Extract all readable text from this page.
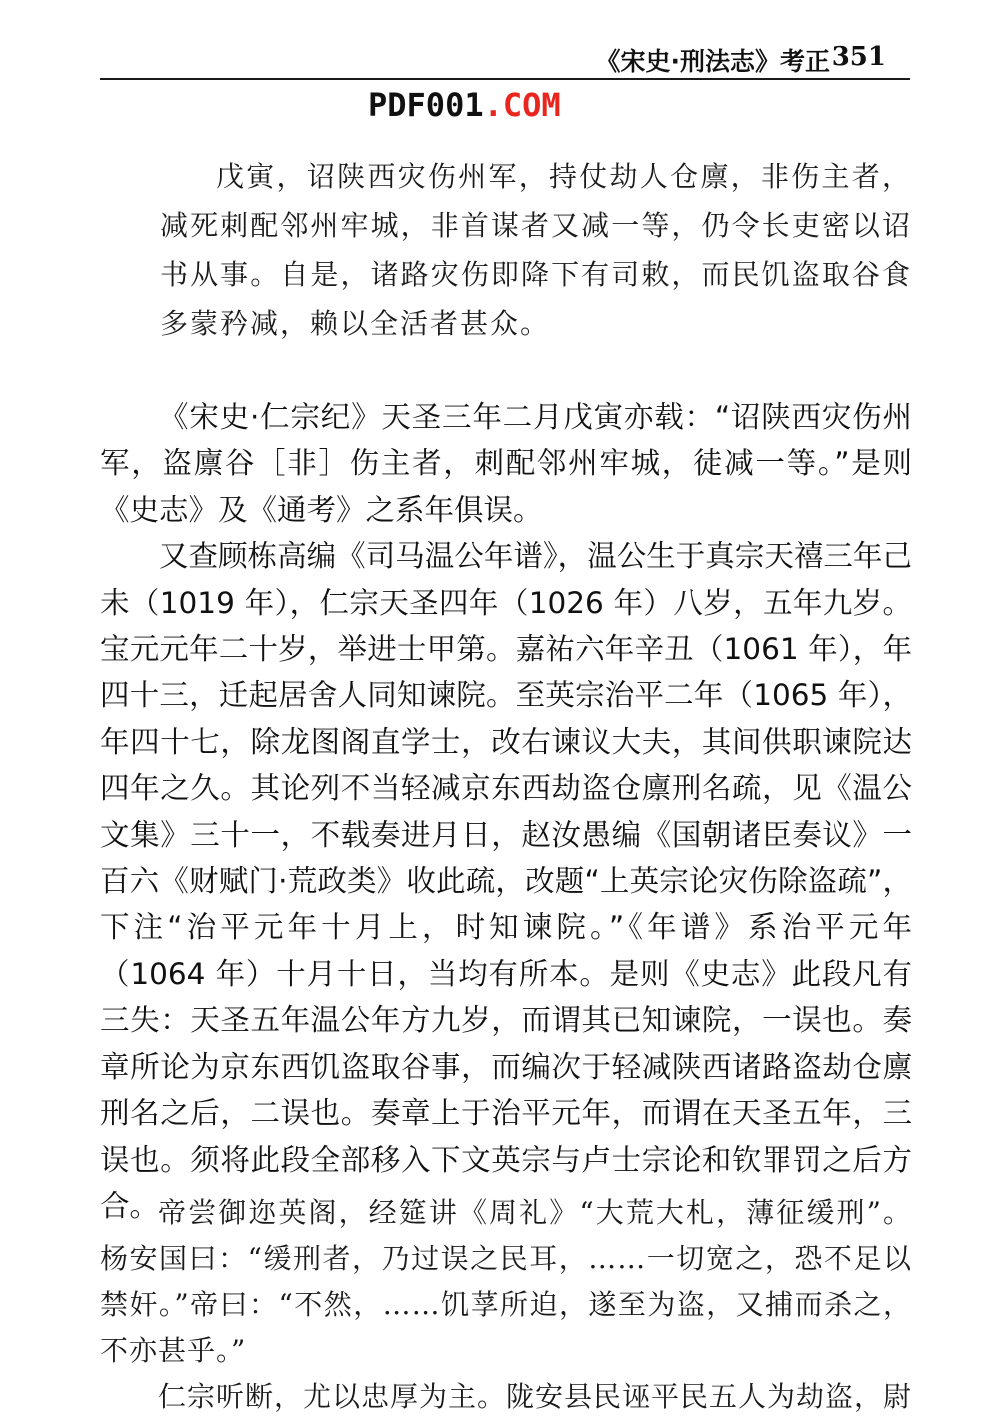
《宋史·刑法志》考正 351
PDF001.COM
戊寅，诏陕西灾伤州军，持仗劫人仓廪，非伤主者，减死刺配邻州牢城，非首谋者又减一等，仍令长吏密以诏书从事。自是，诸路灾伤即降下有司敕，而民饥盗取谷食多蒙矜减，赖以全活者甚众。

《宋史·仁宗纪》天圣三年二月戊寅亦载：“诏陕西灾伤州军，盗廪谷［非］伤主者，刺配邻州牢城，徒减一等。”是则《史志》及《通考》之系年俱误。

又查顾栋高编《司马温公年谱》，温公生于真宗天禧三年己未（1019 年），仁宗天圣四年（1026 年）八岁，五年九岁。宝元元年二十岁，举进士甲第。嘉祐六年辛丑（1061 年），年四十三，迁起居舍人同知谏院。至英宗治平二年（1065 年），年四十七，除龙图阁直学士，改右谏议大夫，其间供职谏院达四年之久。其论列不当轻减京东西劫盗仓廪刑名疏，见《温公文集》三十一，不载奏进月日，赵汝愚编《国朝诸臣奏议》一百六《财赋门·荒政类》收此疏，改题“上英宗论灾伤除盗疏”，下注“治平元年十月上，时知谏院。”《年谱》系治平元年（1064 年）十月十日，当均有所本。是则《史志》此段凡有三失：天圣五年温公年方九岁，而谓其已知谏院，一误也。奏章所论为京东西饥盗取谷事，而编次于轻减陕西诸路盗劫仓廪刑名之后，二误也。奏章上于治平元年，而谓在天圣五年，三误也。须将此段全部移入下文英宗与卢士宗论和钦罪罚之后方合。

帝尝御迩英阁，经筵讲《周礼》“大荒大札，薄征缓刑”。杨安国曰：“缓刑者，乃过误之民耳，……一切宽之，恐不足以禁奸。”帝曰：“不然，……饥莩所迫，遂至为盗，又捕而杀之，不亦甚乎。”

仁宗听断，尤以忠厚为主。陇安县民诬平民五人为劫盗，尉
